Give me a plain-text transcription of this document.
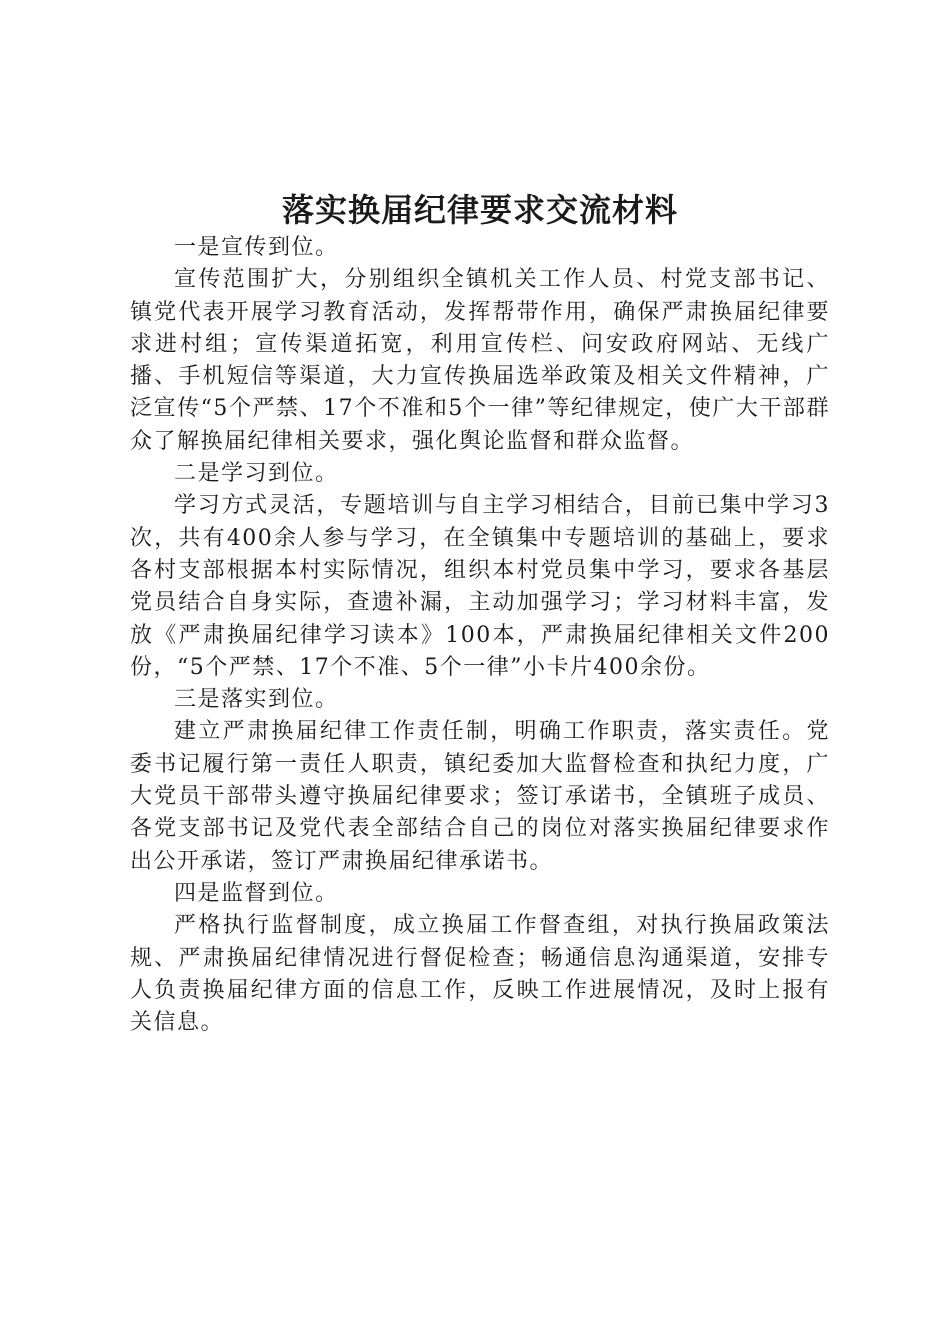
落实换届纪律要求交流材料

一是宣传到位。

宣传范围扩大，分别组织全镇机关工作人员、村党支部书记、镇党代表开展学习教育活动，发挥帮带作用，确保严肃换届纪律要求进村组；宣传渠道拓宽，利用宣传栏、问安政府网站、无线广播、手机短信等渠道，大力宣传换届选举政策及相关文件精神，广泛宣传“5个严禁、17个不准和5个一律”等纪律规定，使广大干部群众了解换届纪律相关要求，强化舆论监督和群众监督。

二是学习到位。

学习方式灵活，专题培训与自主学习相结合，目前已集中学习3次，共有400余人参与学习，在全镇集中专题培训的基础上，要求各村支部根据本村实际情况，组织本村党员集中学习，要求各基层党员结合自身实际，查遗补漏，主动加强学习；学习材料丰富，发放《严肃换届纪律学习读本》100本，严肃换届纪律相关文件200份，“5个严禁、17个不准、5个一律”小卡片400余份。

三是落实到位。

建立严肃换届纪律工作责任制，明确工作职责，落实责任。党委书记履行第一责任人职责，镇纪委加大监督检查和执纪力度，广大党员干部带头遵守换届纪律要求；签订承诺书，全镇班子成员、各党支部书记及党代表全部结合自己的岗位对落实换届纪律要求作出公开承诺，签订严肃换届纪律承诺书。

四是监督到位。

严格执行监督制度，成立换届工作督查组，对执行换届政策法规、严肃换届纪律情况进行督促检查；畅通信息沟通渠道，安排专人负责换届纪律方面的信息工作，反映工作进展情况，及时上报有关信息。
